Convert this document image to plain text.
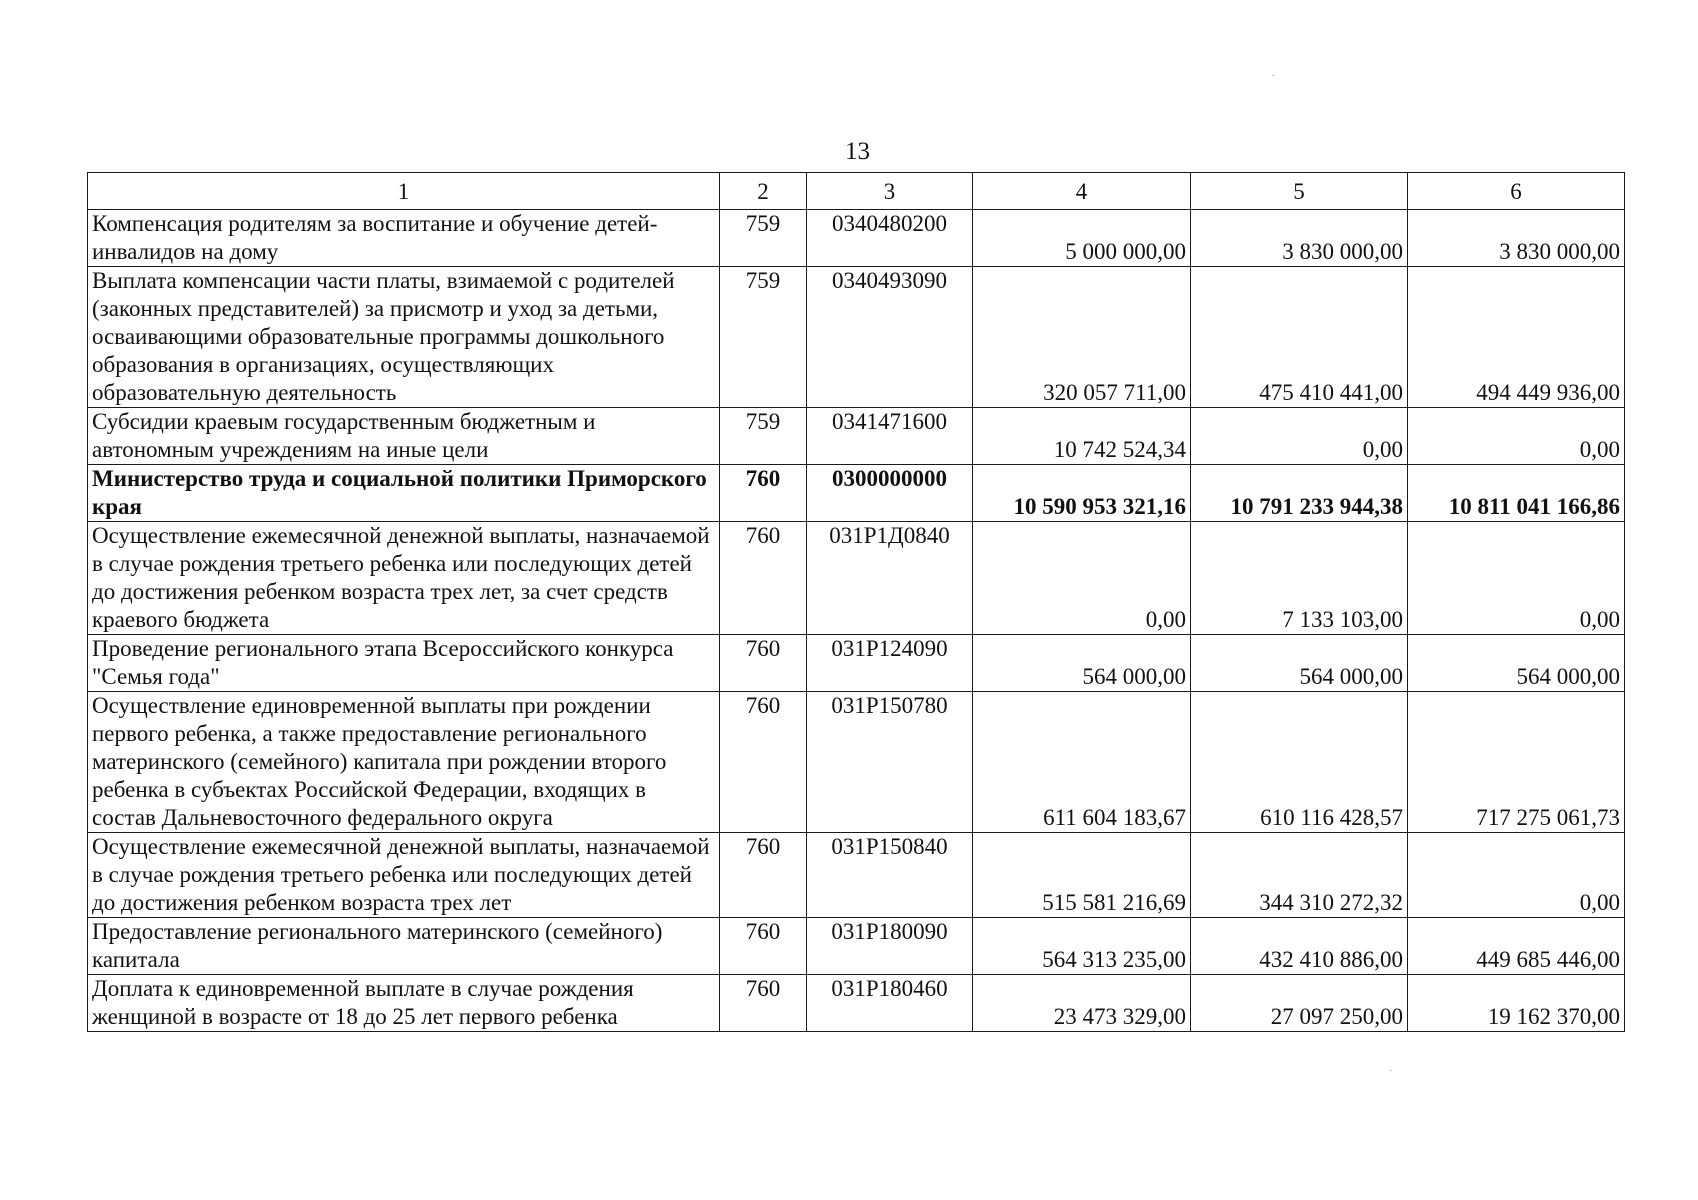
13
1	2	3	4	5	6
Компенсация родителям за воспитание и обучение детей-инвалидов на дому	759	0340480200	5 000 000,00	3 830 000,00	3 830 000,00
Выплата компенсации части платы, взимаемой с родителей (законных представителей) за присмотр и уход за детьми, осваивающими образовательные программы дошкольного образования в организациях, осуществляющих образовательную деятельность	759	0340493090	320 057 711,00	475 410 441,00	494 449 936,00
Субсидии краевым государственным бюджетным и автономным учреждениям на иные цели	759	0341471600	10 742 524,34	0,00	0,00
Министерство труда и социальной политики Приморского края	760	0300000000	10 590 953 321,16	10 791 233 944,38	10 811 041 166,86
Осуществление ежемесячной денежной выплаты, назначаемой в случае рождения третьего ребенка или последующих детей до достижения ребенком возраста трех лет, за счет средств краевого бюджета	760	031Р1Д0840	0,00	7 133 103,00	0,00
Проведение регионального этапа Всероссийского конкурса "Семья года"	760	031Р124090	564 000,00	564 000,00	564 000,00
Осуществление единовременной выплаты при рождении первого ребенка, а также предоставление регионального материнского (семейного) капитала при рождении второго ребенка в субъектах Российской Федерации, входящих в состав Дальневосточного федерального округа	760	031Р150780	611 604 183,67	610 116 428,57	717 275 061,73
Осуществление ежемесячной денежной выплаты, назначаемой в случае рождения третьего ребенка или последующих детей до достижения ребенком возраста трех лет	760	031Р150840	515 581 216,69	344 310 272,32	0,00
Предоставление регионального материнского (семейного) капитала	760	031Р180090	564 313 235,00	432 410 886,00	449 685 446,00
Доплата к единовременной выплате в случае рождения женщиной в возрасте от 18 до 25 лет первого ребенка	760	031Р180460	23 473 329,00	27 097 250,00	19 162 370,00
